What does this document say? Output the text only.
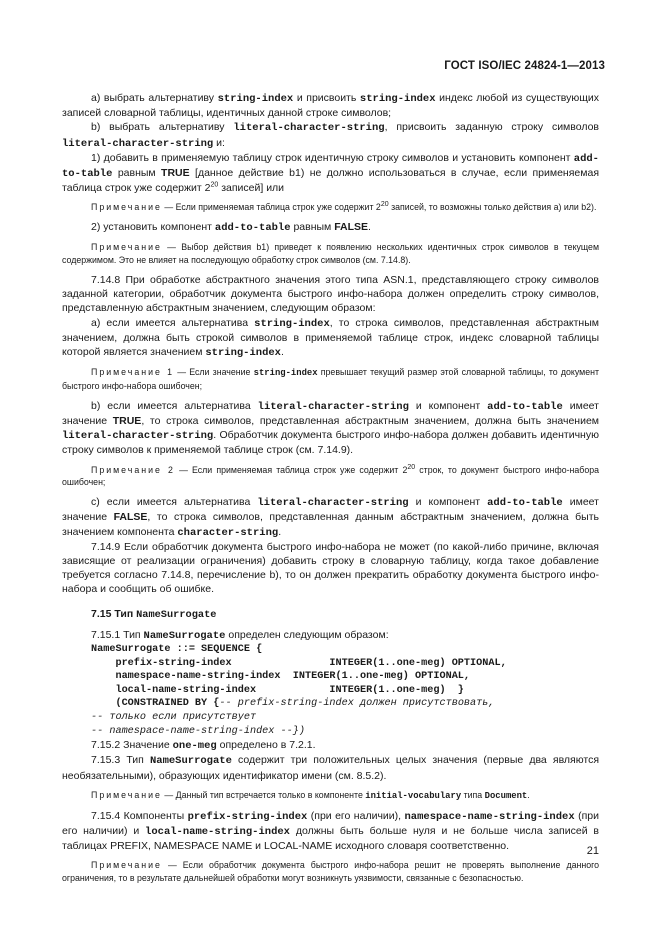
ГОСТ ISO/IEC 24824-1—2013

а) выбрать альтернативу string-index и присвоить string-index индекс любой из существующих записей словарной таблицы, идентичных данной строке символов;

b) выбрать альтернативу literal-character-string, присвоить заданную строку символов literal-character-string и:

1) добавить в применяемую таблицу строк идентичную строку символов и установить компонент add-to-table равным TRUE [данное действие b1) не должно использоваться в случае, если применяемая таблица строк уже содержит $2^{20}$ записей] или

Примечание — Если применяемая таблица строк уже содержит $2^{20}$ записей, то возможны только действия а) или b2).

2) установить компонент add-to-table равным FALSE.

Примечание — Выбор действия b1) приведет к появлению нескольких идентичных строк символов в текущем содержимом. Это не влияет на последующую обработку строк символов (см. 7.14.8).

7.14.8 При обработке абстрактного значения этого типа ASN.1, представляющего строку символов заданной категории, обработчик документа быстрого инфо-набора должен определить строку символов, представленную абстрактным значением, следующим образом:

а) если имеется альтернатива string-index, то строка символов, представленная абстрактным значением, должна быть строкой символов в применяемой таблице строк, индекс словарной таблицы которой является значением string-index.

Примечание 1 — Если значение string-index превышает текущий размер этой словарной таблицы, то документ быстрого инфо-набора ошибочен;

b) если имеется альтернатива literal-character-string и компонент add-to-table имеет значение TRUE, то строка символов, представленная абстрактным значением, должна быть значением literal-character-string. Обработчик документа быстрого инфо-набора должен добавить идентичную строку символов к применяемой таблице строк (см. 7.14.9).

Примечание 2 — Если применяемая таблица строк уже содержит $2^{20}$ строк, то документ быстрого инфо-набора ошибочен;

с) если имеется альтернатива literal-character-string и компонент add-to-table имеет значение FALSE, то строка символов, представленная данным абстрактным значением, должна быть значением компонента character-string.

7.14.9 Если обработчик документа быстрого инфо-набора не может (по какой-либо причине, включая зависящие от реализации ограничения) добавить строку в словарную таблицу, когда такое добавление требуется согласно 7.14.8, перечисление b), то он должен прекратить обработку документа быстрого инфо-набора и сообщить об ошибке.

7.15 Тип NameSurrogate

7.15.1 Тип NameSurrogate определен следующим образом:

NameSurrogate ::= SEQUENCE {
prefix-string-index                INTEGER(1..one-meg) OPTIONAL,
namespace-name-string-index  INTEGER(1..one-meg) OPTIONAL,
local-name-string-index            INTEGER(1..one-meg)  }
(CONSTRAINED BY {-- prefix-string-index должен присутствовать,
-- только если присутствует
-- namespace-name-string-index --})

7.15.2 Значение one-meg определено в 7.2.1.

7.15.3 Тип NameSurrogate содержит три положительных целых значения (первые два являются необязательными), образующих идентификатор имени (см. 8.5.2).

Примечание — Данный тип встречается только в компоненте initial-vocabulary типа Document.

7.15.4 Компоненты prefix-string-index (при его наличии), namespace-name-string-index (при его наличии) и local-name-string-index должны быть больше нуля и не больше числа записей в таблицах PREFIX, NAMESPACE NAME и LOCAL-NAME исходного словаря соответственно.

Примечание — Если обработчик документа быстрого инфо-набора решит не проверять выполнение данного ограничения, то в результате дальнейшей обработки могут возникнуть уязвимости, связанные с безопасностью.

21
